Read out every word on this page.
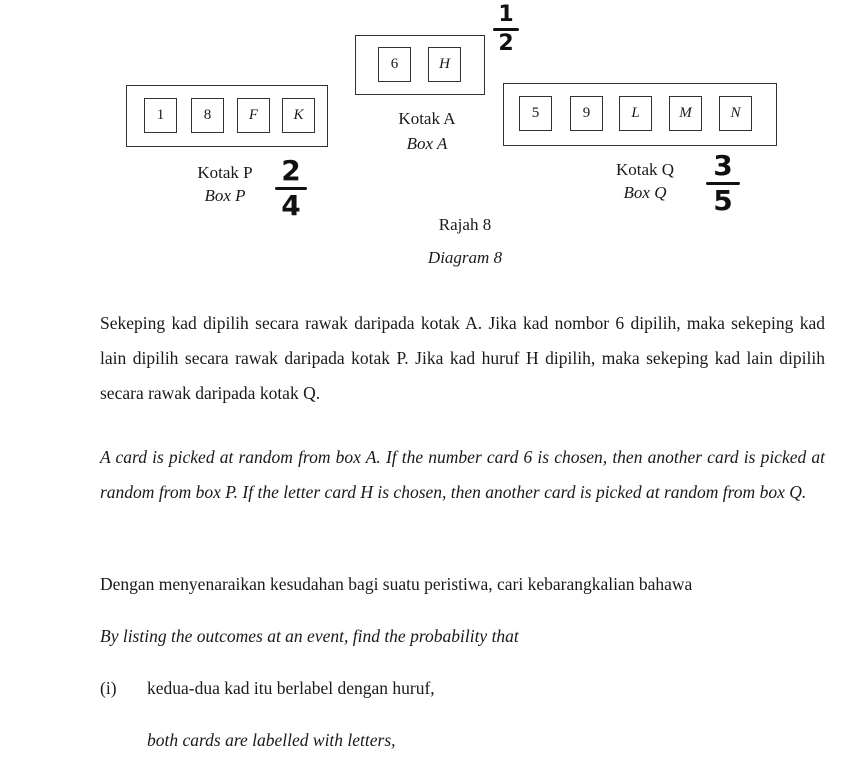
6	H
Kotak A
Box A
1	8	F	K
Kotak P
Box P
5	9	L	M	N
Kotak Q
Box Q
1
2
2
4
3
5
Rajah 8
Diagram 8
Sekeping kad dipilih secara rawak daripada kotak A. Jika kad nombor 6 dipilih, maka sekeping kad lain dipilih secara rawak daripada kotak P. Jika kad huruf H dipilih, maka sekeping kad lain dipilih secara rawak daripada kotak Q.
A card is picked at random from box A. If the number card 6 is chosen, then another card is picked at random from box P. If the letter card H is chosen, then another card is picked at random from box Q.
Dengan menyenaraikan kesudahan bagi suatu peristiwa, cari kebarangkalian bahawa
By listing the outcomes at an event, find the probability that
(i) kedua-dua kad itu berlabel dengan huruf,
both cards are labelled with letters,
